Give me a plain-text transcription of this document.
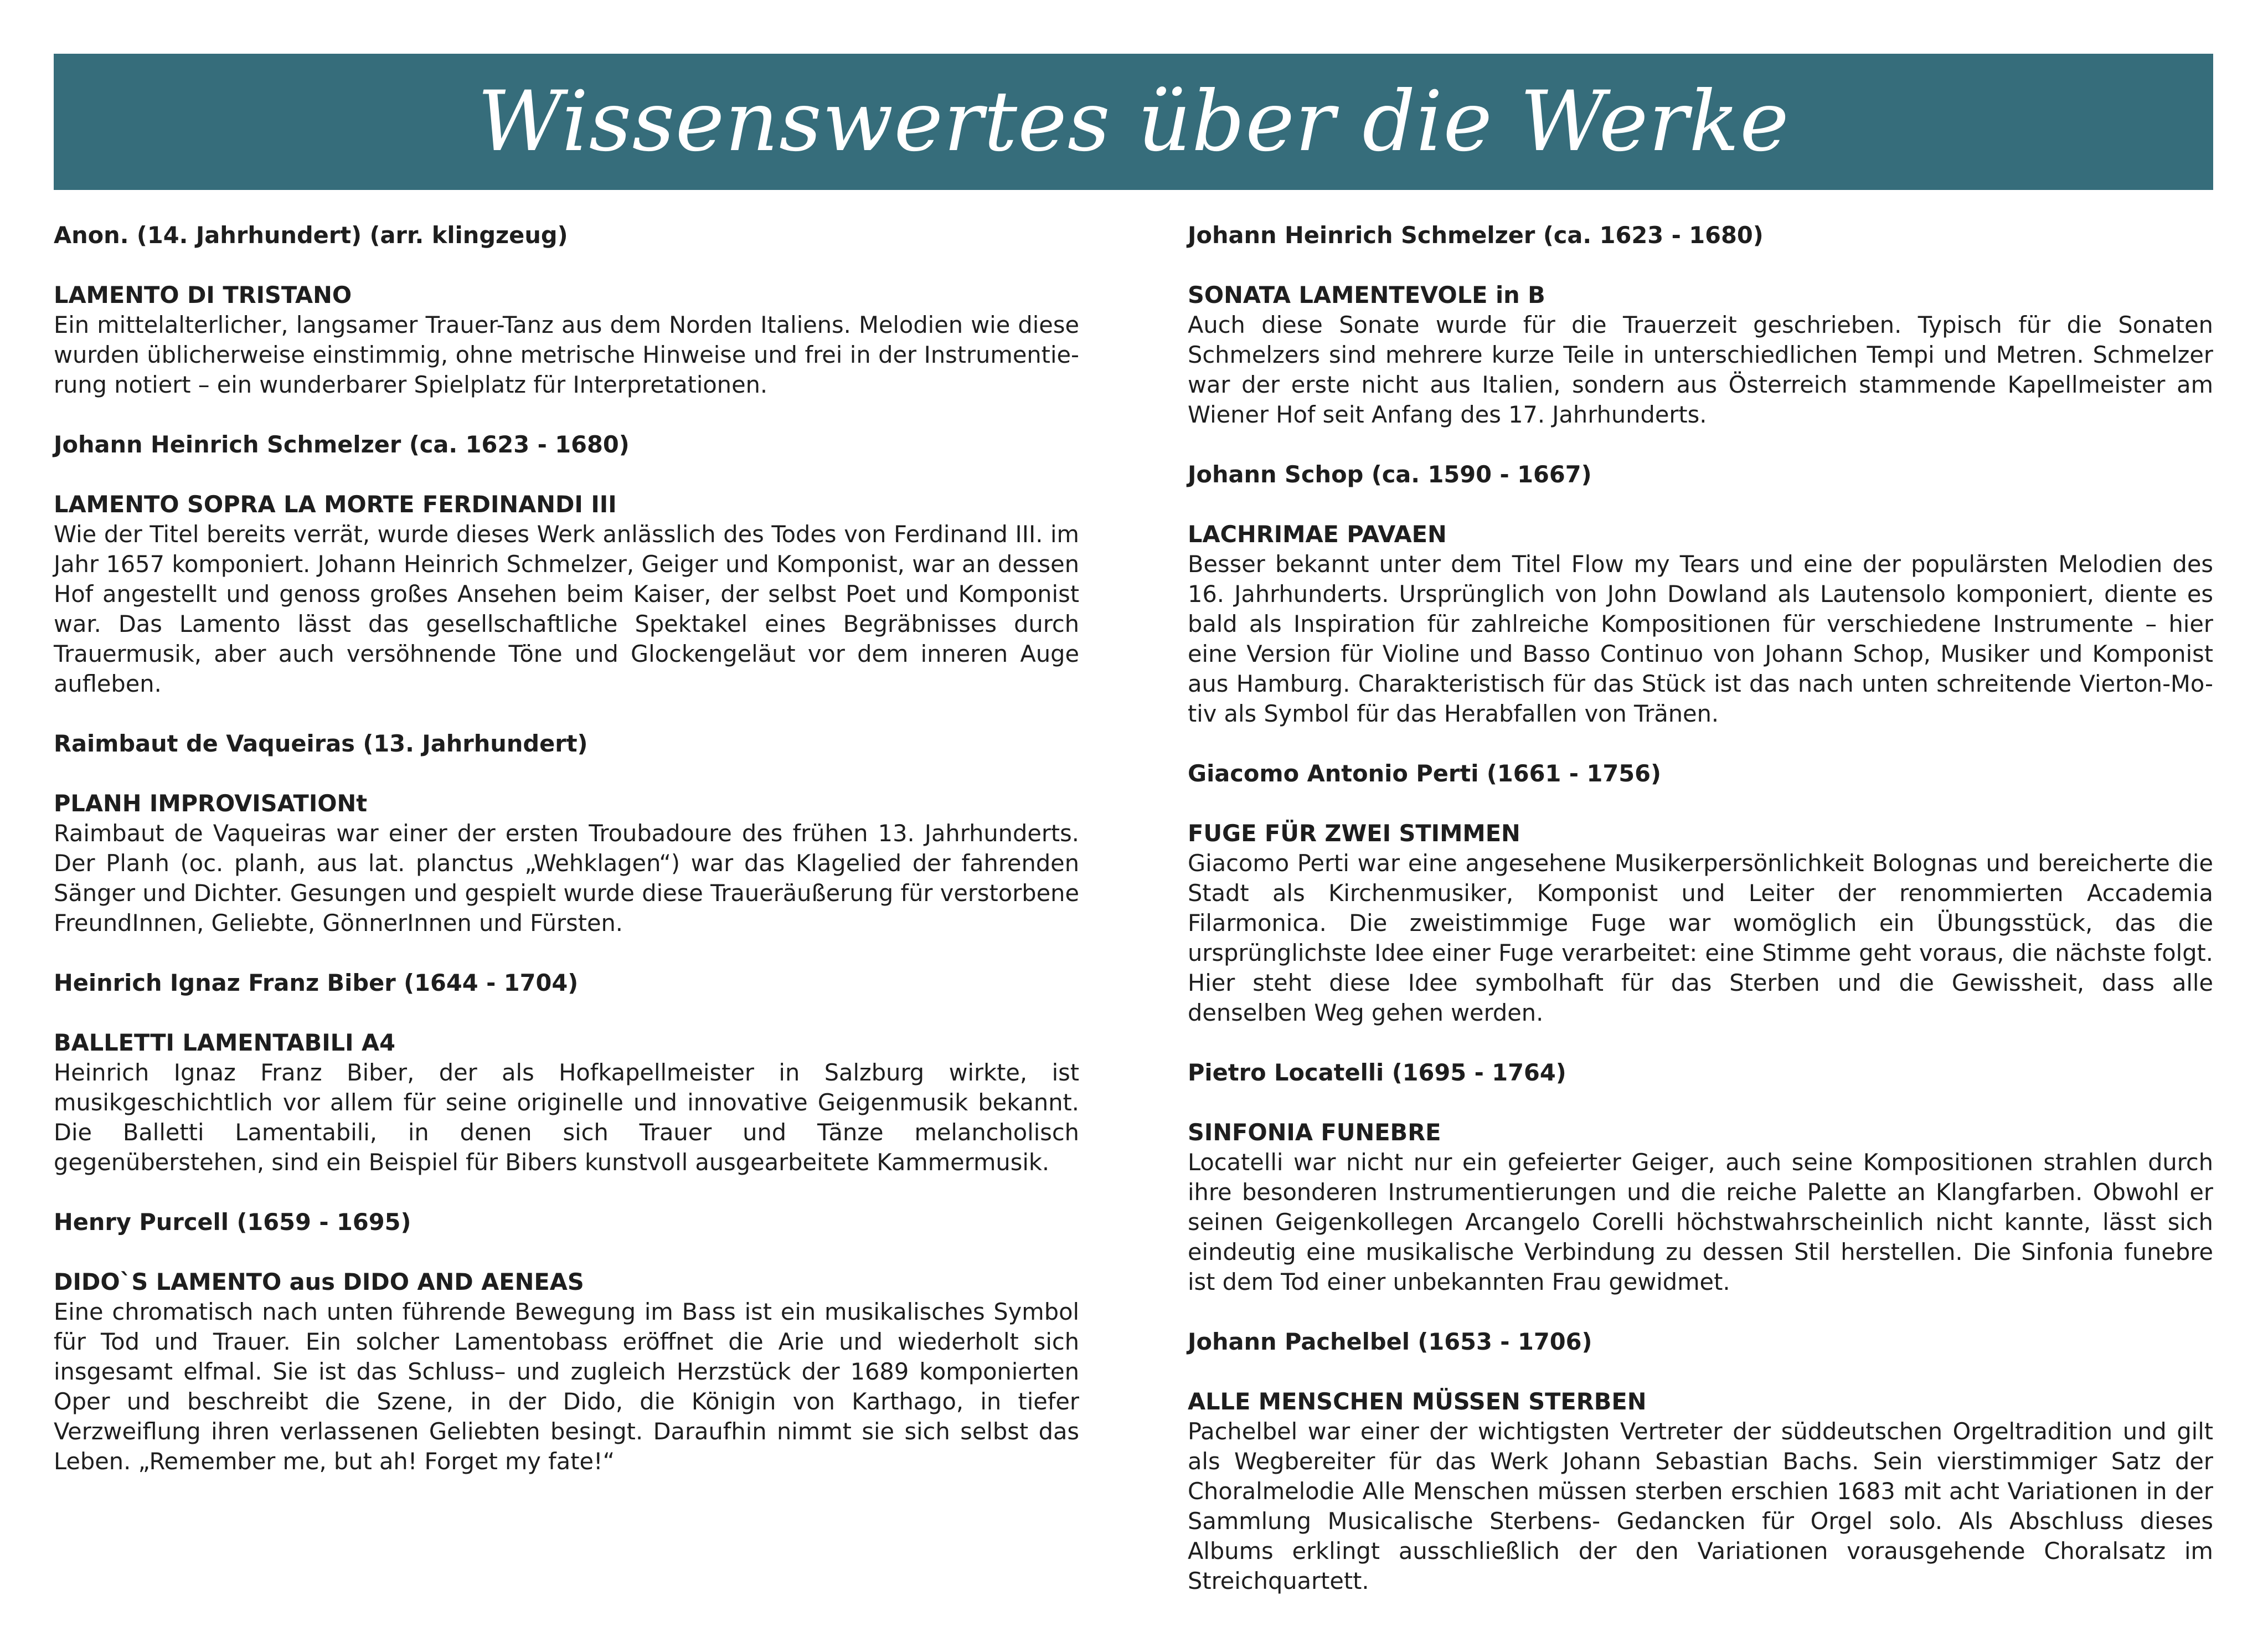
Wissenswertes über die Werke

Anon. (14. Jahrhundert) (arr. klingzeug)

LAMENTO DI TRISTANO

Ein mittelalterlicher, langsamer Trauer-Tanz aus dem Norden Italiens. Melodien wie diese wurden üblicherweise einstimmig, ohne metrische Hinweise und frei in der Instrumentierung notiert – ein wunderbarer Spielplatz für Interpretationen.

Johann Heinrich Schmelzer (ca. 1623 - 1680)

LAMENTO SOPRA LA MORTE FERDINANDI III

Wie der Titel bereits verrät, wurde dieses Werk anlässlich des Todes von Ferdinand III. im Jahr 1657 komponiert. Johann Heinrich Schmelzer, Geiger und Komponist, war an dessen Hof angestellt und genoss großes Ansehen beim Kaiser, der selbst Poet und Komponist war. Das Lamento lässt das gesellschaftliche Spektakel eines Begräbnisses durch Trauermusik, aber auch versöhnende Töne und Glockengeläut vor dem inneren Auge aufleben.

Raimbaut de Vaqueiras (13. Jahrhundert)

PLANH IMPROVISATIONt

Raimbaut de Vaqueiras war einer der ersten Troubadoure des frühen 13. Jahrhunderts. Der Planh (oc. planh, aus lat. planctus „Wehklagen“) war das Klagelied der fahrenden Sänger und Dichter. Gesungen und gespielt wurde diese Traueräußerung für verstorbene FreundInnen, Geliebte, GönnerInnen und Fürsten.

Heinrich Ignaz Franz Biber (1644 - 1704)

BALLETTI LAMENTABILI A4

Heinrich Ignaz Franz Biber, der als Hofkapellmeister in Salzburg wirkte, ist musikgeschichtlich vor allem für seine originelle und innovative Geigenmusik bekannt. Die Balletti Lamentabili, in denen sich Trauer und Tänze melancholisch gegenüberstehen, sind ein Beispiel für Bibers kunstvoll ausgearbeitete Kammermusik.

Henry Purcell (1659 - 1695)

DIDO`S LAMENTO aus DIDO AND AENEAS

Eine chromatisch nach unten führende Bewegung im Bass ist ein musikalisches Symbol für Tod und Trauer. Ein solcher Lamentobass eröffnet die Arie und wiederholt sich insgesamt elfmal. Sie ist das Schluss– und zugleich Herzstück der 1689 komponierten Oper und beschreibt die Szene, in der Dido, die Königin von Karthago, in tiefer Verzweiflung ihren verlassenen Geliebten besingt. Daraufhin nimmt sie sich selbst das Leben. „Remember me, but ah! Forget my fate!“

Johann Heinrich Schmelzer (ca. 1623 - 1680)

SONATA LAMENTEVOLE in B

Auch diese Sonate wurde für die Trauerzeit geschrieben. Typisch für die Sonaten Schmelzers sind mehrere kurze Teile in unterschiedlichen Tempi und Metren. Schmelzer war der erste nicht aus Italien, sondern aus Österreich stammende Kapellmeister am Wiener Hof seit Anfang des 17. Jahrhunderts.

Johann Schop (ca. 1590 - 1667)

LACHRIMAE PAVAEN

Besser bekannt unter dem Titel Flow my Tears und eine der populärsten Melodien des 16. Jahrhunderts. Ursprünglich von John Dowland als Lautensolo komponiert, diente es bald als Inspiration für zahlreiche Kompositionen für verschiedene Instrumente – hier eine Version für Violine und Basso Continuo von Johann Schop, Musiker und Komponist aus Hamburg. Charakteristisch für das Stück ist das nach unten schreitende Vierton-Mo- tiv als Symbol für das Herabfallen von Tränen.

Giacomo Antonio Perti (1661 - 1756)

FUGE FÜR ZWEI STIMMEN

Giacomo Perti war eine angesehene Musikerpersönlichkeit Bolognas und bereicherte die Stadt als Kirchenmusiker, Komponist und Leiter der renommierten Accademia Filarmonica. Die zweistimmige Fuge war womöglich ein Übungsstück, das die ursprünglichste Idee einer Fuge verarbeitet: eine Stimme geht voraus, die nächste folgt. Hier steht diese Idee symbolhaft für das Sterben und die Gewissheit, dass alle denselben Weg gehen werden.

Pietro Locatelli (1695 - 1764)

SINFONIA FUNEBRE

Locatelli war nicht nur ein gefeierter Geiger, auch seine Kompositionen strahlen durch ihre besonderen Instrumentierungen und die reiche Palette an Klangfarben. Obwohl er seinen Geigenkollegen Arcangelo Corelli höchstwahrscheinlich nicht kannte, lässt sich eindeutig eine musikalische Verbindung zu dessen Stil herstellen. Die Sinfonia funebre ist dem Tod einer unbekannten Frau gewidmet.

Johann Pachelbel (1653 - 1706)

ALLE MENSCHEN MÜSSEN STERBEN

Pachelbel war einer der wichtigsten Vertreter der süddeutschen Orgeltradition und gilt als Wegbereiter für das Werk Johann Sebastian Bachs. Sein vierstimmiger Satz der Choralmelodie Alle Menschen müssen sterben erschien 1683 mit acht Variationen in der Sammlung Musicalische Sterbens- Gedancken für Orgel solo. Als Abschluss dieses Albums erklingt ausschließlich der den Variationen vorausgehende Choralsatz im Streichquartett.
